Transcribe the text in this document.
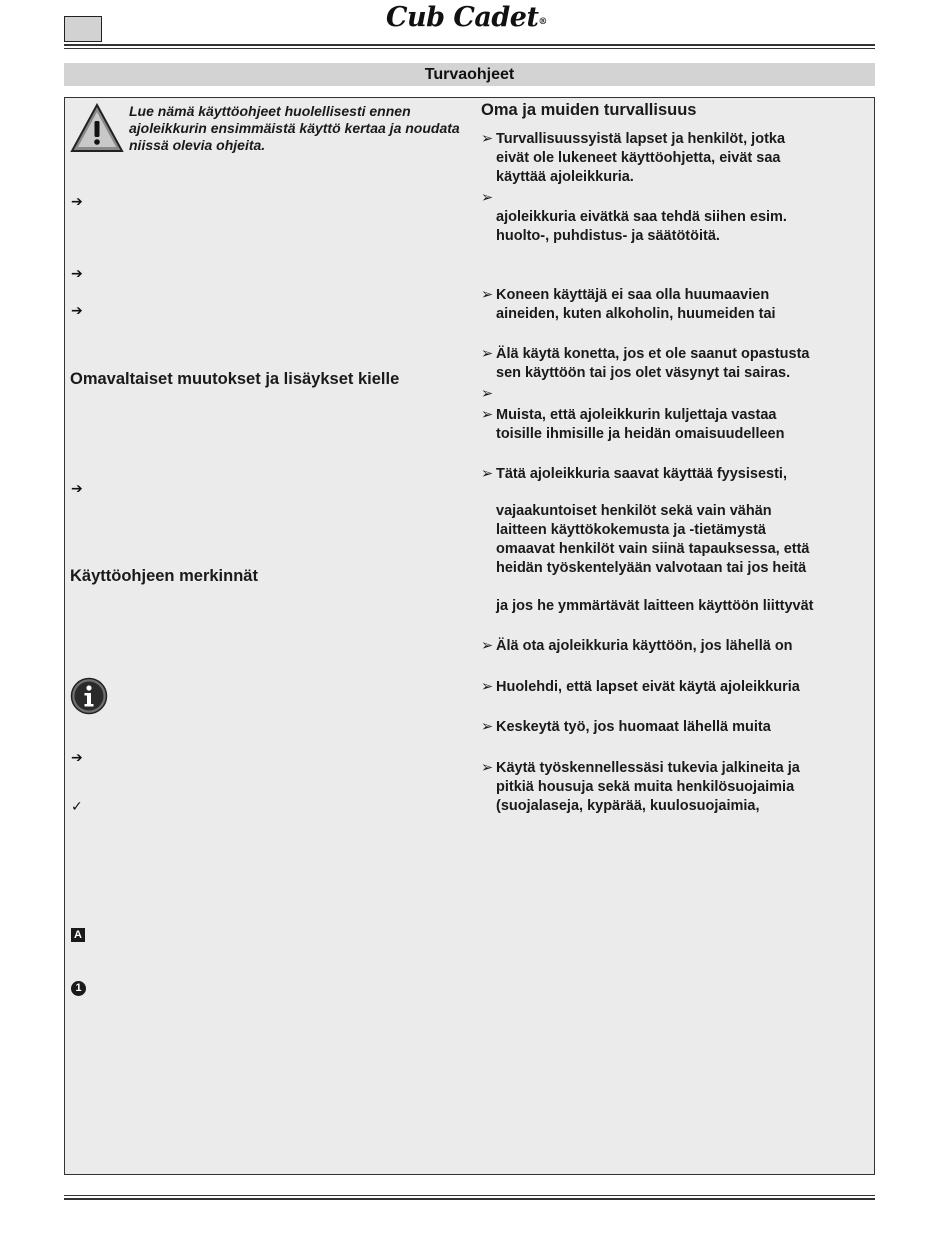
Cub Cadet®
Turvaohjeet
Lue nämä käyttöohjeet huolellisesti ennen ajoleikkurin ensimmäistä käyttö kertaa ja noudata niissä olevia ohjeita.
➔
➔
➔
Omavaltaiset muutokset ja lisäykset kielle
➔
Käyttöohjeen merkinnät
➔
✓
A
1
Oma ja muiden turvallisuus
➢ Turvallisuussyistä lapset ja henkilöt, jotka
eivät ole lukeneet käyttöohjetta, eivät saa
käyttää ajoleikkuria.
➢
ajoleikkuria eivätkä saa tehdä siihen esim.
huolto-, puhdistus- ja säätötöitä.
➢ Koneen käyttäjä ei saa olla huumaavien
aineiden, kuten alkoholin, huumeiden tai
➢ Älä käytä konetta, jos et ole saanut opastusta
sen käyttöön tai jos olet väsynyt tai sairas.
➢
➢ Muista, että ajoleikkurin kuljettaja vastaa
toisille ihmisille ja heidän omaisuudelleen
➢ Tätä ajoleikkuria saavat käyttää fyysisesti,
vajaakuntoiset henkilöt sekä vain vähän
laitteen käyttökokemusta ja -tietämystä
omaavat henkilöt vain siinä tapauksessa, että
heidän työskentelyään valvotaan tai jos heitä
ja jos he ymmärtävät laitteen käyttöön liittyvät
➢ Älä ota ajoleikkuria käyttöön, jos lähellä on
➢ Huolehdi, että lapset eivät käytä ajoleikkuria
➢ Keskeytä työ, jos huomaat lähellä muita
➢ Käytä työskennellessäsi tukevia jalkineita ja
pitkiä housuja sekä muita henkilösuojaimia
(suojalaseja, kypärää, kuulosuojaimia,
